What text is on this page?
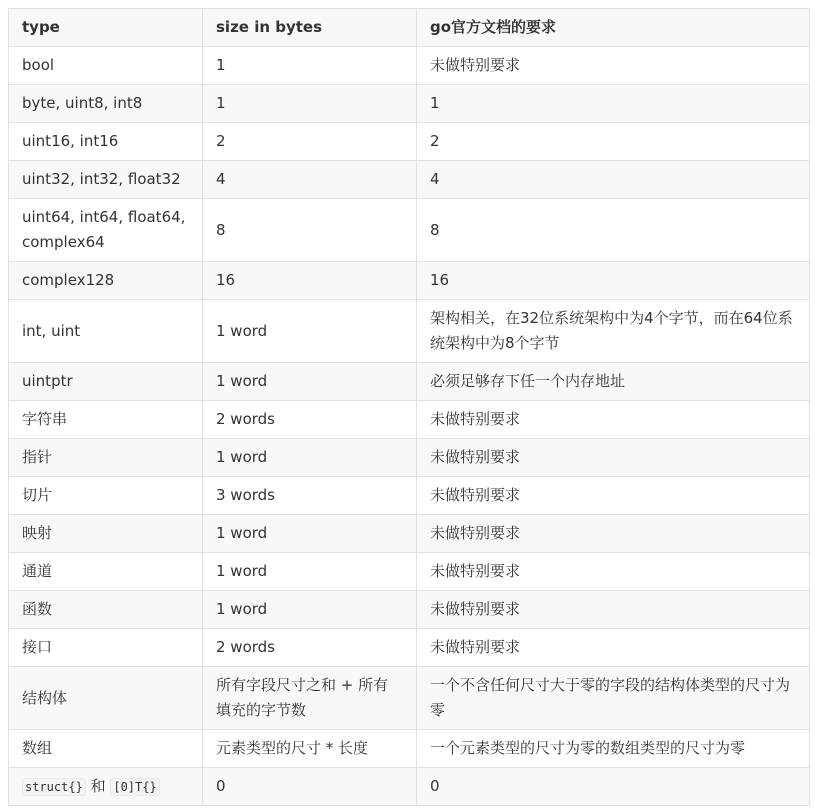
type	size in bytes	go官方文档的要求
bool	1	未做特别要求
byte, uint8, int8	1	1
uint16, int16	2	2
uint32, int32, float32	4	4
uint64, int64, float64, complex64	8	8
complex128	16	16
int, uint	1 word	架构相关，在32位系统架构中为4个字节，而在64位系统架构中为8个字节
uintptr	1 word	必须足够存下任一个内存地址
字符串	2 words	未做特别要求
指针	1 word	未做特别要求
切片	3 words	未做特别要求
映射	1 word	未做特别要求
通道	1 word	未做特别要求
函数	1 word	未做特别要求
接口	2 words	未做特别要求
结构体	所有字段尺寸之和 + 所有填充的字节数	一个不含任何尺寸大于零的字段的结构体类型的尺寸为零
数组	元素类型的尺寸 * 长度	一个元素类型的尺寸为零的数组类型的尺寸为零
struct{} 和 [0]T{}	0	0
